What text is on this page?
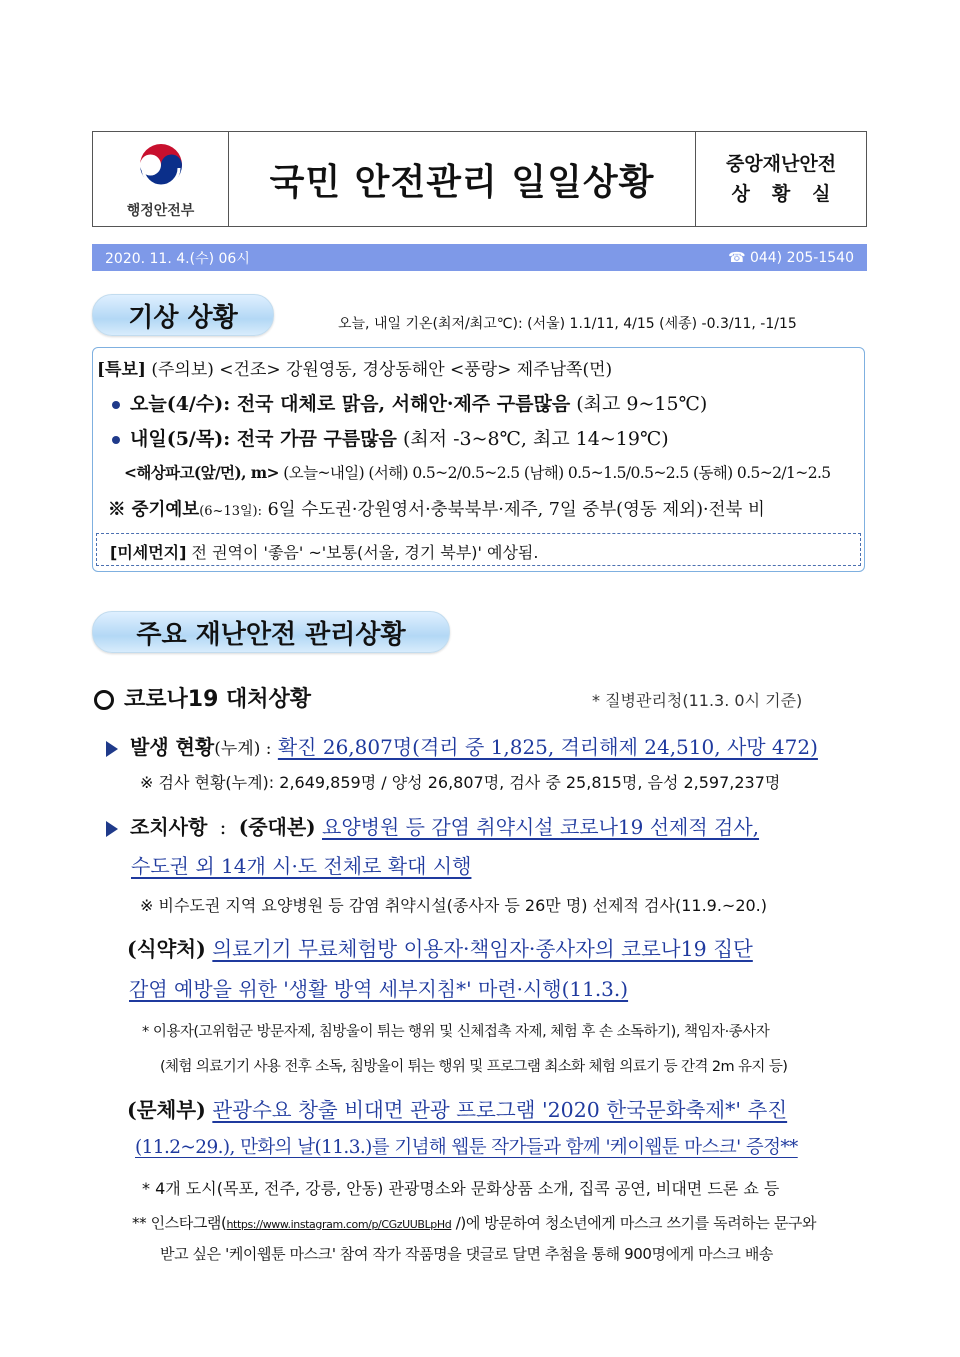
행정안전부
국민 안전관리 일일상황	중앙재난안전
상황실
2020. 11. 4.(수) 06시	☎ 044) 205-1540
기상 상황	오늘, 내일 기온(최저/최고℃): (서울) 1.1/11, 4/15 (세종) -0.3/11, -1/15
[특보] (주의보) <건조> 강원영동, 경상동해안 <풍랑> 제주남쪽(먼)
오늘(4/수): 전국 대체로 맑음, 서해안·제주 구름많음 (최고 9~15℃)
내일(5/목): 전국 가끔 구름많음 (최저 -3~8℃, 최고 14~19℃)
<해상파고(앞/먼), m> (오늘~내일) (서해) 0.5~2/0.5~2.5 (남해) 0.5~1.5/0.5~2.5 (동해) 0.5~2/1~2.5
※ 중기예보(6~13일): 6일 수도권·강원영서·충북북부·제주, 7일 중부(영동 제외)·전북 비
[미세먼지] 전 권역이 '좋음' ~'보통(서울, 경기 북부)' 예상됨.
주요 재난안전 관리상황
코로나19 대처상황	* 질병관리청(11.3. 0시 기준)
발생 현황(누계) : 확진 26,807명(격리 중 1,825, 격리해제 24,510, 사망 472)
※ 검사 현황(누계): 2,649,859명 / 양성 26,807명, 검사 중 25,815명, 음성 2,597,237명
조치사항 : (중대본) 요양병원 등 감염 취약시설 코로나19 선제적 검사,
수도권 외 14개 시·도 전체로 확대 시행
※ 비수도권 지역 요양병원 등 감염 취약시설(종사자 등 26만 명) 선제적 검사(11.9.~20.)
(식약처) 의료기기 무료체험방 이용자·책임자·종사자의 코로나19 집단
감염 예방을 위한 '생활 방역 세부지침*' 마련·시행(11.3.)
* 이용자(고위험군 방문자제, 침방울이 튀는 행위 및 신체접촉 자제, 체험 후 손 소독하기), 책임자·종사자
(체험 의료기기 사용 전후 소독, 침방울이 튀는 행위 및 프로그램 최소화 체험 의료기 등 간격 2m 유지 등)
(문체부) 관광수요 창출 비대면 관광 프로그램 '2020 한국문화축제*' 추진
(11.2~29.), 만화의 날(11.3.)를 기념해 웹툰 작가들과 함께 '케이웹툰 마스크' 증정**
* 4개 도시(목포, 전주, 강릉, 안동) 관광명소와 문화상품 소개, 집콕 공연, 비대면 드론 쇼 등
** 인스타그램(https://www.instagram.com/p/CGzUUBLpHd /)에 방문하여 청소년에게 마스크 쓰기를 독려하는 문구와
받고 싶은 '케이웹툰 마스크' 참여 작가 작품명을 댓글로 달면 추첨을 통해 900명에게 마스크 배송
